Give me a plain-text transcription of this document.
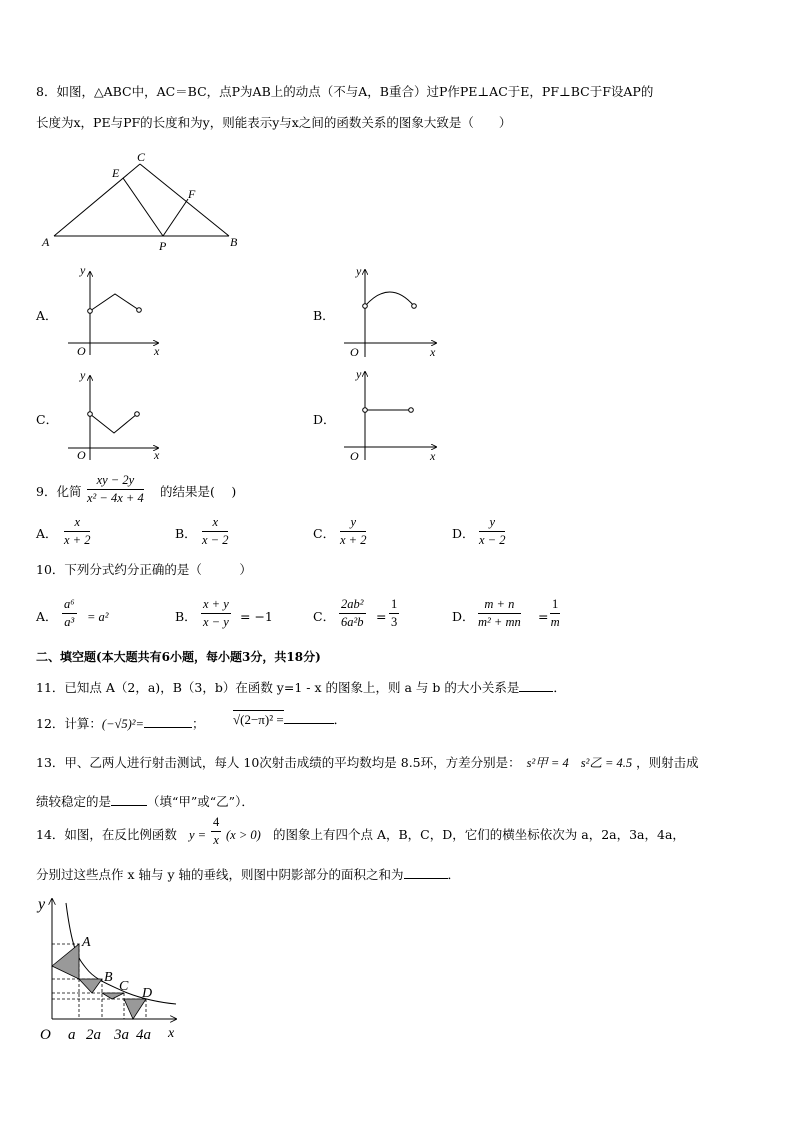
8．如图，△ABC中，AC＝BC，点P为AB上的动点（不与A，B重合）过P作PE⊥AC于E，PF⊥BC于F设AP的
长度为x，PE与PF的长度和为y，则能表示y与x之间的函数关系的图象大致是（　　）
C
E
F
A	P	B
A．	B．
C．	D．
y
x
O
y
x
O
y
x
O
y
x
O
9．化简 $\frac{xy - 2y}{\text{x² − 4x + 4}}$ 的结果是(　 )
A． $\frac{x}{x + 2}$	B． $\frac{x}{x - 2}$	C． $\frac{y}{x + 2}$	D． $\frac{y}{x - 2}$
10．下列分式约分正确的是（　　　）
A． $\frac{\text{a⁶}}{\text{a³}} = a^2$	B． $\frac{x + y}{x - y} = -1$	C． $\frac{\text{2ab²}}{\text{6a²b}} = \frac{1}{3}$	D． $\frac{m + n}{\text{m² + mn}} = \frac{1}{m}$
二、填空题(本大题共有6小题，每小题3分，共18分)
11．已知点 A（2，a)，B（3，b）在函数 y=1 - x 的图象上，则 a 与 b 的大小关系是	．
12．计算：(−√5)²=	； √(2−π)² =	．
13．甲、乙两人进行射击测试，每人 10次射击成绩的平均数均是 8.5环，方差分别是： s²甲 = 4 s²乙 = 4.5 ，则射击成
绩较稳定的是	（填“甲”或“乙”）．
14．如图，在反比例函数 $y = \frac{4}{x} (x > 0)$ 的图象上有四个点 A，B，C，D，它们的横坐标依次为 a，2a，3a，4a，
分别过这些点作 x 轴与 y 轴的垂线，则图中阴影部分的面积之和为	．
y
x
O
A
B
C D
a 2a 3a 4a
